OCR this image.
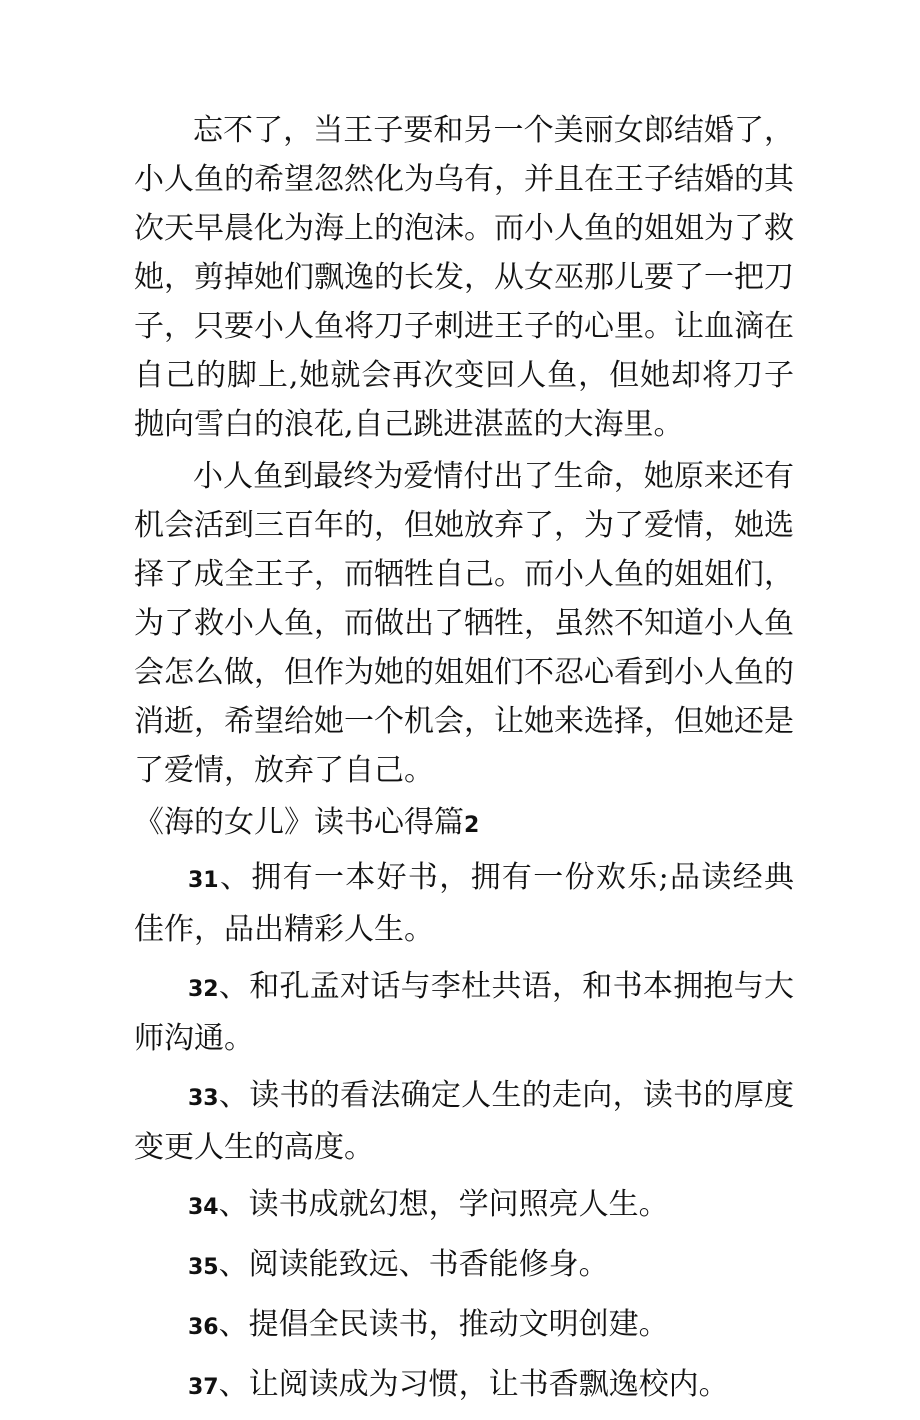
忘不了，当王子要和另一个美丽女郎结婚了，小人鱼的希望忽然化为乌有，并且在王子结婚的其次天早晨化为海上的泡沫。而小人鱼的姐姐为了救她，剪掉她们飘逸的长发，从女巫那儿要了一把刀子，只要小人鱼将刀子刺进王子的心里。让血滴在自己的脚上,她就会再次变回人鱼，但她却将刀子抛向雪白的浪花,自己跳进湛蓝的大海里。

小人鱼到最终为爱情付出了生命，她原来还有机会活到三百年的，但她放弃了，为了爱情，她选择了成全王子，而牺牲自己。而小人鱼的姐姐们，为了救小人鱼，而做出了牺牲，虽然不知道小人鱼会怎么做，但作为她的姐姐们不忍心看到小人鱼的消逝，希望给她一个机会，让她来选择，但她还是了爱情，放弃了自己。

《海的女儿》读书心得篇2

31、拥有一本好书，拥有一份欢乐;品读经典佳作，品出精彩人生。

32、和孔孟对话与李杜共语，和书本拥抱与大师沟通。

33、读书的看法确定人生的走向，读书的厚度变更人生的高度。

34、读书成就幻想，学问照亮人生。

35、阅读能致远、书香能修身。

36、提倡全民读书，推动文明创建。

37、让阅读成为习惯，让书香飘逸校内。
